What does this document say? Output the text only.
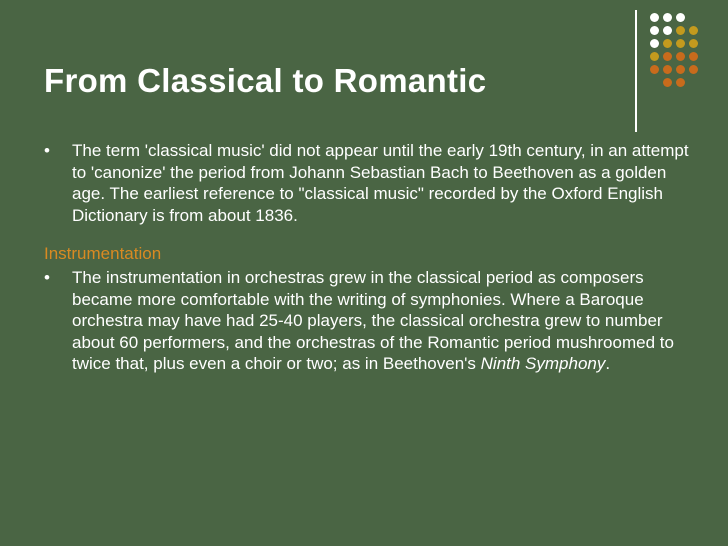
From Classical to Romantic
•	The term 'classical music' did not appear until the early 19th century, in an attempt to 'canonize' the period from Johann Sebastian Bach to Beethoven as a golden age. The earliest reference to "classical music" recorded by the Oxford English Dictionary is from about 1836.
Instrumentation
•	The instrumentation in orchestras grew in the classical period as composers became more comfortable with the writing of symphonies. Where a Baroque orchestra may have had 25-40 players, the classical orchestra grew to number about 60 performers, and the orchestras of the Romantic period mushroomed to twice that, plus even a choir or two; as in Beethoven's Ninth Symphony.
